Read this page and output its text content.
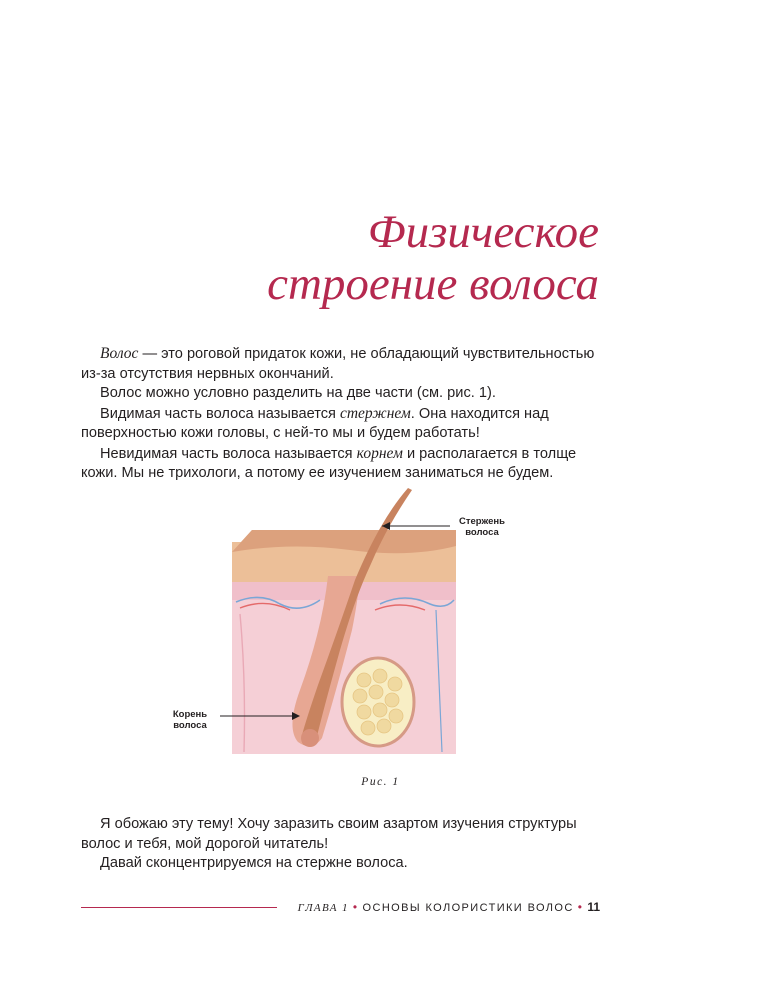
Физическое
строение волоса

Волос — это роговой придаток кожи, не обладающий чувствительностью из-за отсутствия нервных окончаний.

Волос можно условно разделить на две части (см. рис. 1).

Видимая часть волоса называется стержнем. Она находится над поверхностью кожи головы, с ней-то мы и будем работать!

Невидимая часть волоса называется корнем и располагается в толще кожи. Мы не трихологи, а потому ее изучением заниматься не будем.

Стержень
волоса
Корень
волоса
Рис. 1

Я обожаю эту тему! Хочу заразить своим азартом изучения структуры волос и тебя, мой дорогой читатель!

Давай сконцентрируемся на стержне волоса.

ГЛАВА 1 • ОСНОВЫ КОЛОРИСТИКИ ВОЛОС • 11
